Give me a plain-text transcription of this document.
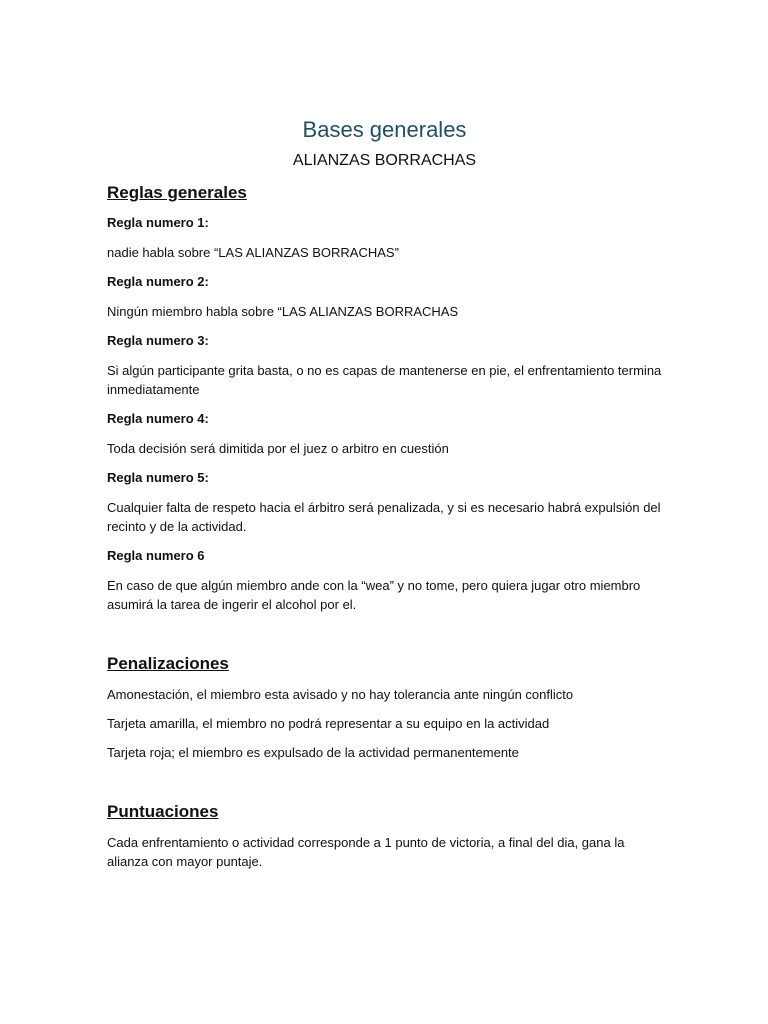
Bases generales

ALIANZAS BORRACHAS

Reglas generales

Regla numero 1:

nadie habla sobre “LAS ALIANZAS BORRACHAS”

Regla numero 2:

Ningún miembro habla sobre “LAS ALIANZAS BORRACHAS

Regla numero 3:

Si algún participante grita basta, o no es capas de mantenerse en pie, el enfrentamiento termina inmediatamente

Regla numero 4:

Toda decisión será dimitida por el juez o arbitro en cuestión

Regla numero 5:

Cualquier falta de respeto hacia el árbitro será penalizada, y si es necesario habrá expulsión del recinto y de la actividad.

Regla numero 6

En caso de que algún miembro ande con la “wea” y no tome, pero quiera jugar otro miembro asumirá la tarea de ingerir el alcohol por el.

Penalizaciones

Amonestación, el miembro esta avisado y no hay tolerancia ante ningún conflicto

Tarjeta amarilla, el miembro no podrá representar a su equipo en la actividad

Tarjeta roja; el miembro es expulsado de la actividad permanentemente

Puntuaciones

Cada enfrentamiento o actividad corresponde a 1 punto de victoria, a final del dia, gana la alianza con mayor puntaje.
